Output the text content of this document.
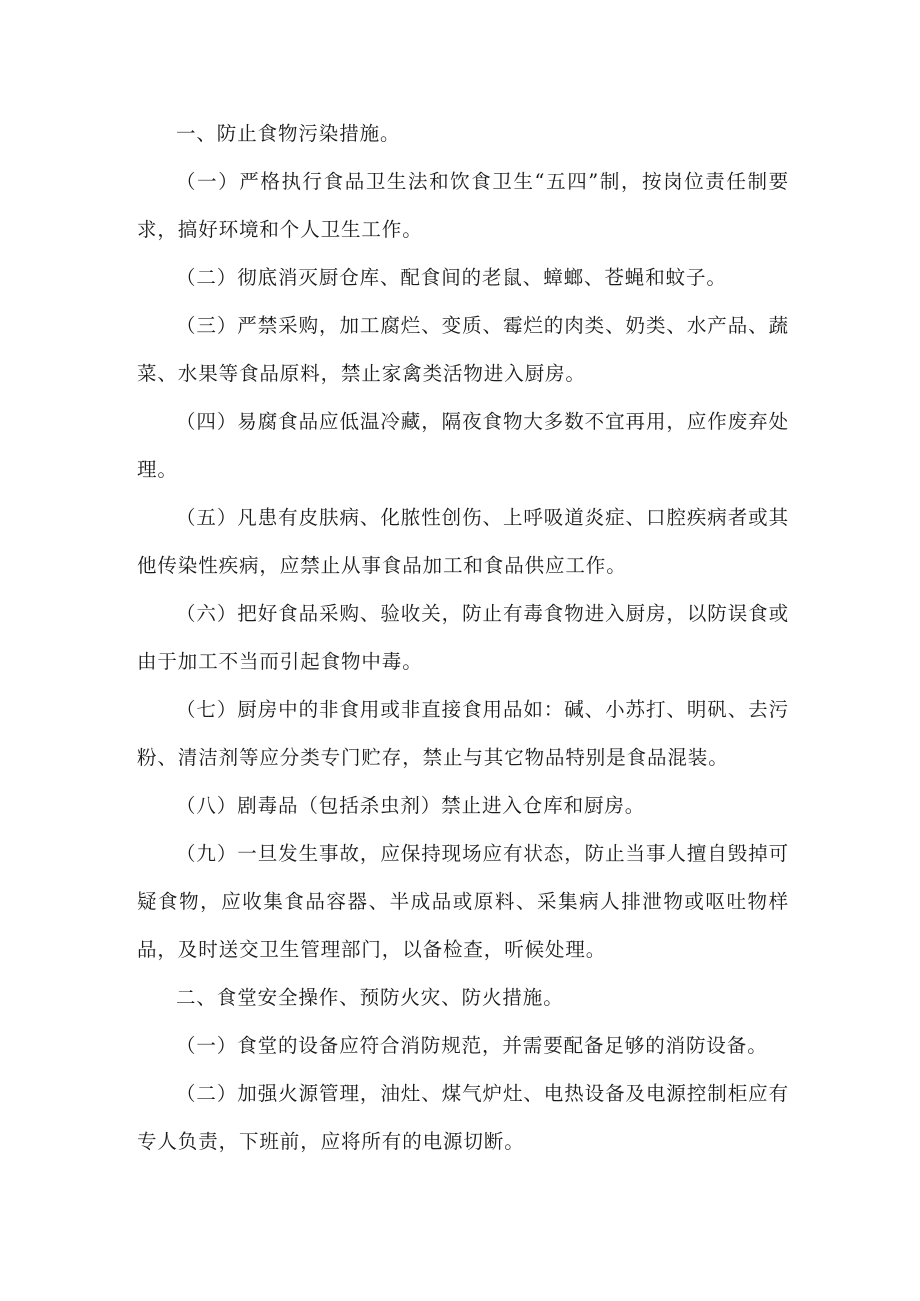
一、防止食物污染措施。

（一）严格执行食品卫生法和饮食卫生“五四”制，按岗位责任制要求，搞好环境和个人卫生工作。

（二）彻底消灭厨仓库、配食间的老鼠、蟑螂、苍蝇和蚊子。

（三）严禁采购，加工腐烂、变质、霉烂的肉类、奶类、水产品、蔬菜、水果等食品原料，禁止家禽类活物进入厨房。

（四）易腐食品应低温冷藏，隔夜食物大多数不宜再用，应作废弃处理。

（五）凡患有皮肤病、化脓性创伤、上呼吸道炎症、口腔疾病者或其他传染性疾病，应禁止从事食品加工和食品供应工作。

（六）把好食品采购、验收关，防止有毒食物进入厨房，以防误食或由于加工不当而引起食物中毒。

（七）厨房中的非食用或非直接食用品如：碱、小苏打、明矾、去污粉、清洁剂等应分类专门贮存，禁止与其它物品特别是食品混装。

（八）剧毒品（包括杀虫剂）禁止进入仓库和厨房。

（九）一旦发生事故，应保持现场应有状态，防止当事人擅自毁掉可疑食物，应收集食品容器、半成品或原料、采集病人排泄物或呕吐物样品，及时送交卫生管理部门，以备检查，听候处理。

二、食堂安全操作、预防火灾、防火措施。

（一）食堂的设备应符合消防规范，并需要配备足够的消防设备。

（二）加强火源管理，油灶、煤气炉灶、电热设备及电源控制柜应有专人负责，下班前，应将所有的电源切断。
